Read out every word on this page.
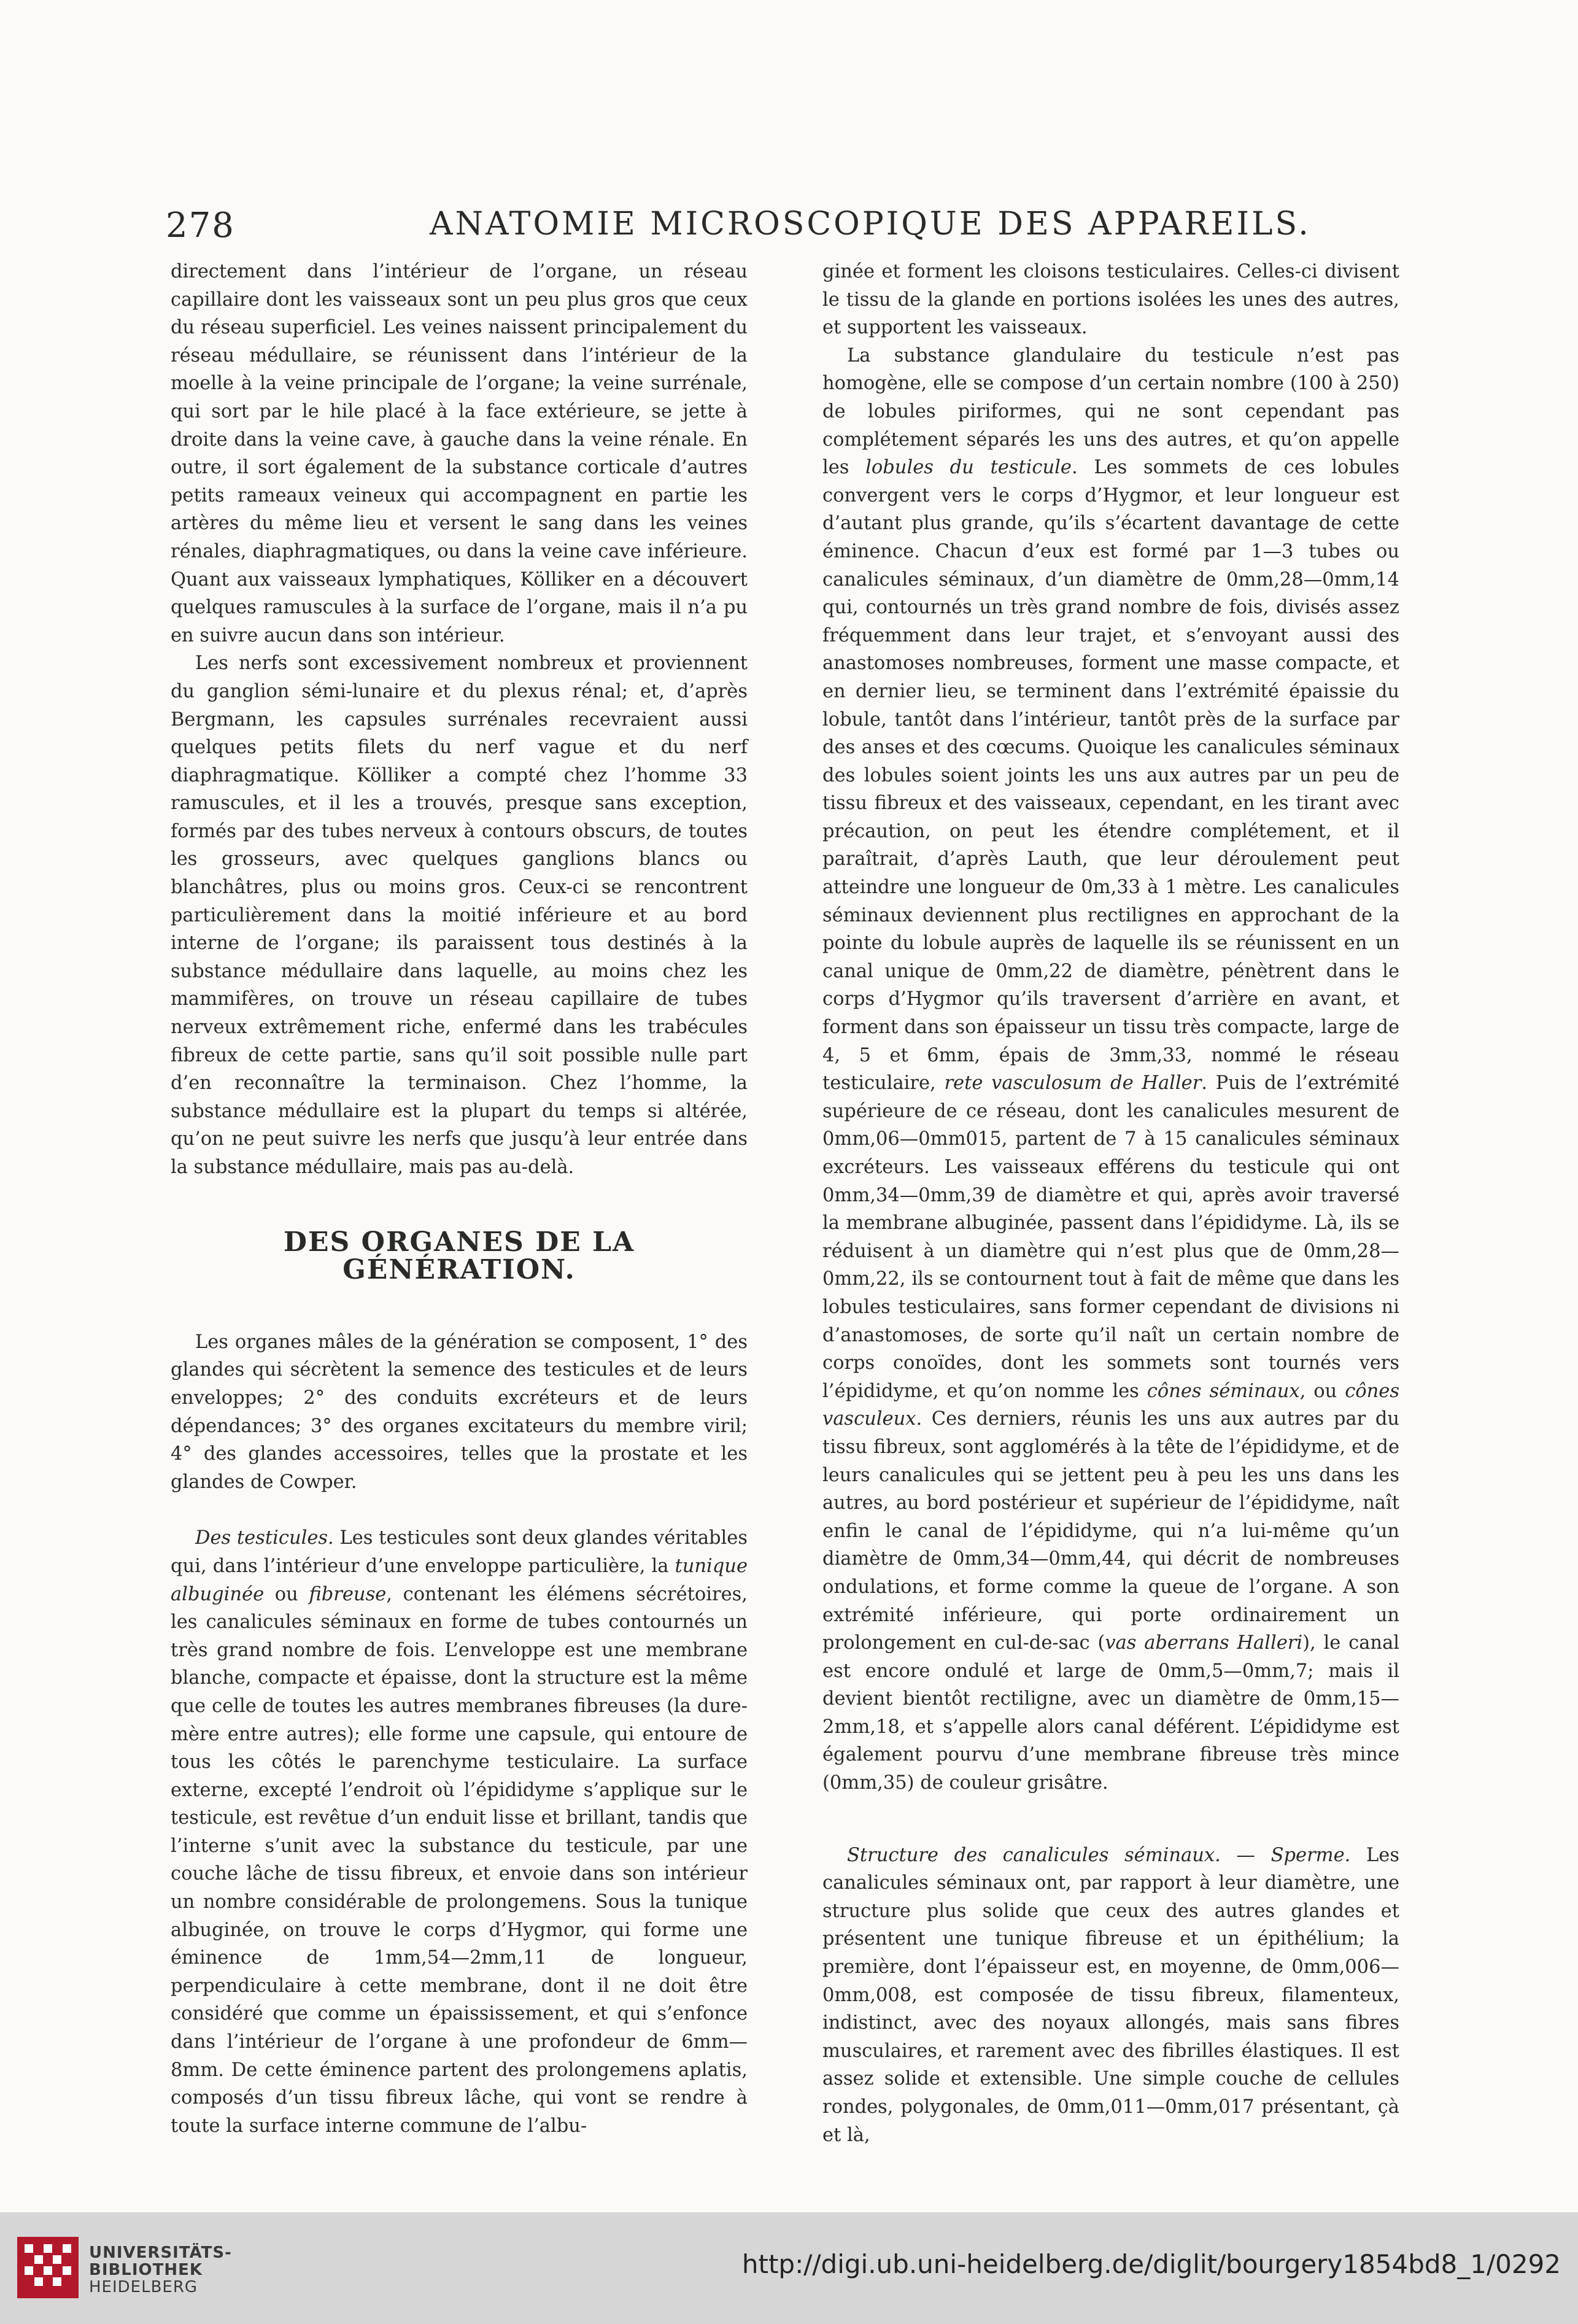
278	ANATOMIE MICROSCOPIQUE DES APPAREILS.

directement dans l’intérieur de l’organe, un réseau capillaire dont les vaisseaux sont un peu plus gros que ceux du réseau superficiel. Les veines naissent principalement du réseau médullaire, se réunissent dans l’intérieur de la moelle à la veine principale de l’organe; la veine surrénale, qui sort par le hile placé à la face extérieure, se jette à droite dans la veine cave, à gauche dans la veine rénale. En outre, il sort également de la substance corticale d’autres petits rameaux veineux qui accompagnent en partie les artères du même lieu et versent le sang dans les veines rénales, diaphragmatiques, ou dans la veine cave inférieure. Quant aux vaisseaux lymphatiques, Kölliker en a découvert quelques ramuscules à la surface de l’organe, mais il n’a pu en suivre aucun dans son intérieur.

Les nerfs sont excessivement nombreux et proviennent du ganglion sémi-lunaire et du plexus rénal; et, d’après Bergmann, les capsules surrénales recevraient aussi quelques petits filets du nerf vague et du nerf diaphragmatique. Kölliker a compté chez l’homme 33 ramuscules, et il les a trouvés, presque sans exception, formés par des tubes nerveux à contours obscurs, de toutes les grosseurs, avec quelques ganglions blancs ou blanchâtres, plus ou moins gros. Ceux-ci se rencontrent particulièrement dans la moitié inférieure et au bord interne de l’organe; ils paraissent tous destinés à la substance médullaire dans laquelle, au moins chez les mammifères, on trouve un réseau capillaire de tubes nerveux extrêmement riche, enfermé dans les trabécules fibreux de cette partie, sans qu’il soit possible nulle part d’en reconnaître la terminaison. Chez l’homme, la substance médullaire est la plupart du temps si altérée, qu’on ne peut suivre les nerfs que jusqu’à leur entrée dans la substance médullaire, mais pas au-delà.

DES ORGANES DE LA GÉNÉRATION.

Les organes mâles de la génération se composent, 1° des glandes qui sécrètent la semence des testicules et de leurs enveloppes; 2° des conduits excréteurs et de leurs dépendances; 3° des organes excitateurs du membre viril; 4° des glandes accessoires, telles que la prostate et les glandes de Cowper.

Des testicules. Les testicules sont deux glandes véritables qui, dans l’intérieur d’une enveloppe particulière, la tunique albuginée ou fibreuse, contenant les élémens sécrétoires, les canalicules séminaux en forme de tubes contournés un très grand nombre de fois. L’enveloppe est une membrane blanche, compacte et épaisse, dont la structure est la même que celle de toutes les autres membranes fibreuses (la dure-mère entre autres); elle forme une capsule, qui entoure de tous les côtés le parenchyme testiculaire. La surface externe, excepté l’endroit où l’épididyme s’applique sur le testicule, est revêtue d’un enduit lisse et brillant, tandis que l’interne s’unit avec la substance du testicule, par une couche lâche de tissu fibreux, et envoie dans son intérieur un nombre considérable de prolongemens. Sous la tunique albuginée, on trouve le corps d’Hygmor, qui forme une éminence de 1mm,54—2mm,11 de longueur, perpendiculaire à cette membrane, dont il ne doit être considéré que comme un épaississement, et qui s’enfonce dans l’intérieur de l’organe à une profondeur de 6mm—8mm. De cette éminence partent des prolongemens aplatis, composés d’un tissu fibreux lâche, qui vont se rendre à toute la surface interne commune de l’albu-

ginée et forment les cloisons testiculaires. Celles-ci divisent le tissu de la glande en portions isolées les unes des autres, et supportent les vaisseaux.

La substance glandulaire du testicule n’est pas homogène, elle se compose d’un certain nombre (100 à 250) de lobules piriformes, qui ne sont cependant pas complétement séparés les uns des autres, et qu’on appelle les lobules du testicule. Les sommets de ces lobules convergent vers le corps d’Hygmor, et leur longueur est d’autant plus grande, qu’ils s’écartent davantage de cette éminence. Chacun d’eux est formé par 1—3 tubes ou canalicules séminaux, d’un diamètre de 0mm,28—0mm,14 qui, contournés un très grand nombre de fois, divisés assez fréquemment dans leur trajet, et s’envoyant aussi des anastomoses nombreuses, forment une masse compacte, et en dernier lieu, se terminent dans l’extrémité épaissie du lobule, tantôt dans l’intérieur, tantôt près de la surface par des anses et des cœcums. Quoique les canalicules séminaux des lobules soient joints les uns aux autres par un peu de tissu fibreux et des vaisseaux, cependant, en les tirant avec précaution, on peut les étendre complétement, et il paraîtrait, d’après Lauth, que leur déroulement peut atteindre une longueur de 0m,33 à 1 mètre. Les canalicules séminaux deviennent plus rectilignes en approchant de la pointe du lobule auprès de laquelle ils se réunissent en un canal unique de 0mm,22 de diamètre, pénètrent dans le corps d’Hygmor qu’ils traversent d’arrière en avant, et forment dans son épaisseur un tissu très compacte, large de 4, 5 et 6mm, épais de 3mm,33, nommé le réseau testiculaire, rete vasculosum de Haller. Puis de l’extrémité supérieure de ce réseau, dont les canalicules mesurent de 0mm,06—0mm015, partent de 7 à 15 canalicules séminaux excréteurs. Les vaisseaux efférens du testicule qui ont 0mm,34—0mm,39 de diamètre et qui, après avoir traversé la membrane albuginée, passent dans l’épididyme. Là, ils se réduisent à un diamètre qui n’est plus que de 0mm,28—0mm,22, ils se contournent tout à fait de même que dans les lobules testiculaires, sans former cependant de divisions ni d’anastomoses, de sorte qu’il naît un certain nombre de corps conoïdes, dont les sommets sont tournés vers l’épididyme, et qu’on nomme les cônes séminaux, ou cônes vasculeux. Ces derniers, réunis les uns aux autres par du tissu fibreux, sont agglomérés à la tête de l’épididyme, et de leurs canalicules qui se jettent peu à peu les uns dans les autres, au bord postérieur et supérieur de l’épididyme, naît enfin le canal de l’épididyme, qui n’a lui-même qu’un diamètre de 0mm,34—0mm,44, qui décrit de nombreuses ondulations, et forme comme la queue de l’organe. A son extrémité inférieure, qui porte ordinairement un prolongement en cul-de-sac (vas aberrans Halleri), le canal est encore ondulé et large de 0mm,5—0mm,7; mais il devient bientôt rectiligne, avec un diamètre de 0mm,15—2mm,18, et s’appelle alors canal déférent. L’épididyme est également pourvu d’une membrane fibreuse très mince (0mm,35) de couleur grisâtre.

Structure des canalicules séminaux. — Sperme. Les canalicules séminaux ont, par rapport à leur diamètre, une structure plus solide que ceux des autres glandes et présentent une tunique fibreuse et un épithélium; la première, dont l’épaisseur est, en moyenne, de 0mm,006—0mm,008, est composée de tissu fibreux, filamenteux, indistinct, avec des noyaux allongés, mais sans fibres musculaires, et rarement avec des fibrilles élastiques. Il est assez solide et extensible. Une simple couche de cellules rondes, polygonales, de 0mm,011—0mm,017 présentant, çà et là,

UNIVERSITÄTS-
BIBLIOTHEK
HEIDELBERG
http://digi.ub.uni-heidelberg.de/diglit/bourgery1854bd8_1/0292
